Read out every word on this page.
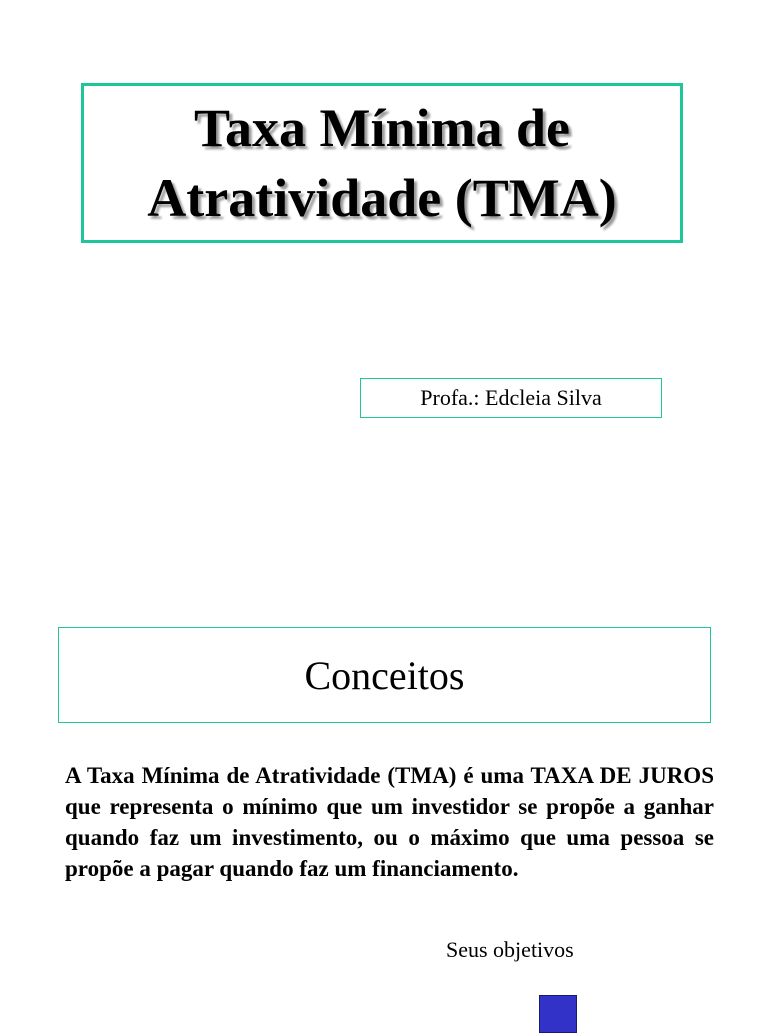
Taxa Mínima de
Atratividade (TMA)
Profa.: Edcleia Silva
Conceitos

A Taxa Mínima de Atratividade (TMA) é uma TAXA DE JUROS que representa o mínimo que um investidor se propõe a ganhar quando faz um investimento, ou o máximo que uma pessoa se propõe a pagar quando faz um financiamento.

Seus objetivos
